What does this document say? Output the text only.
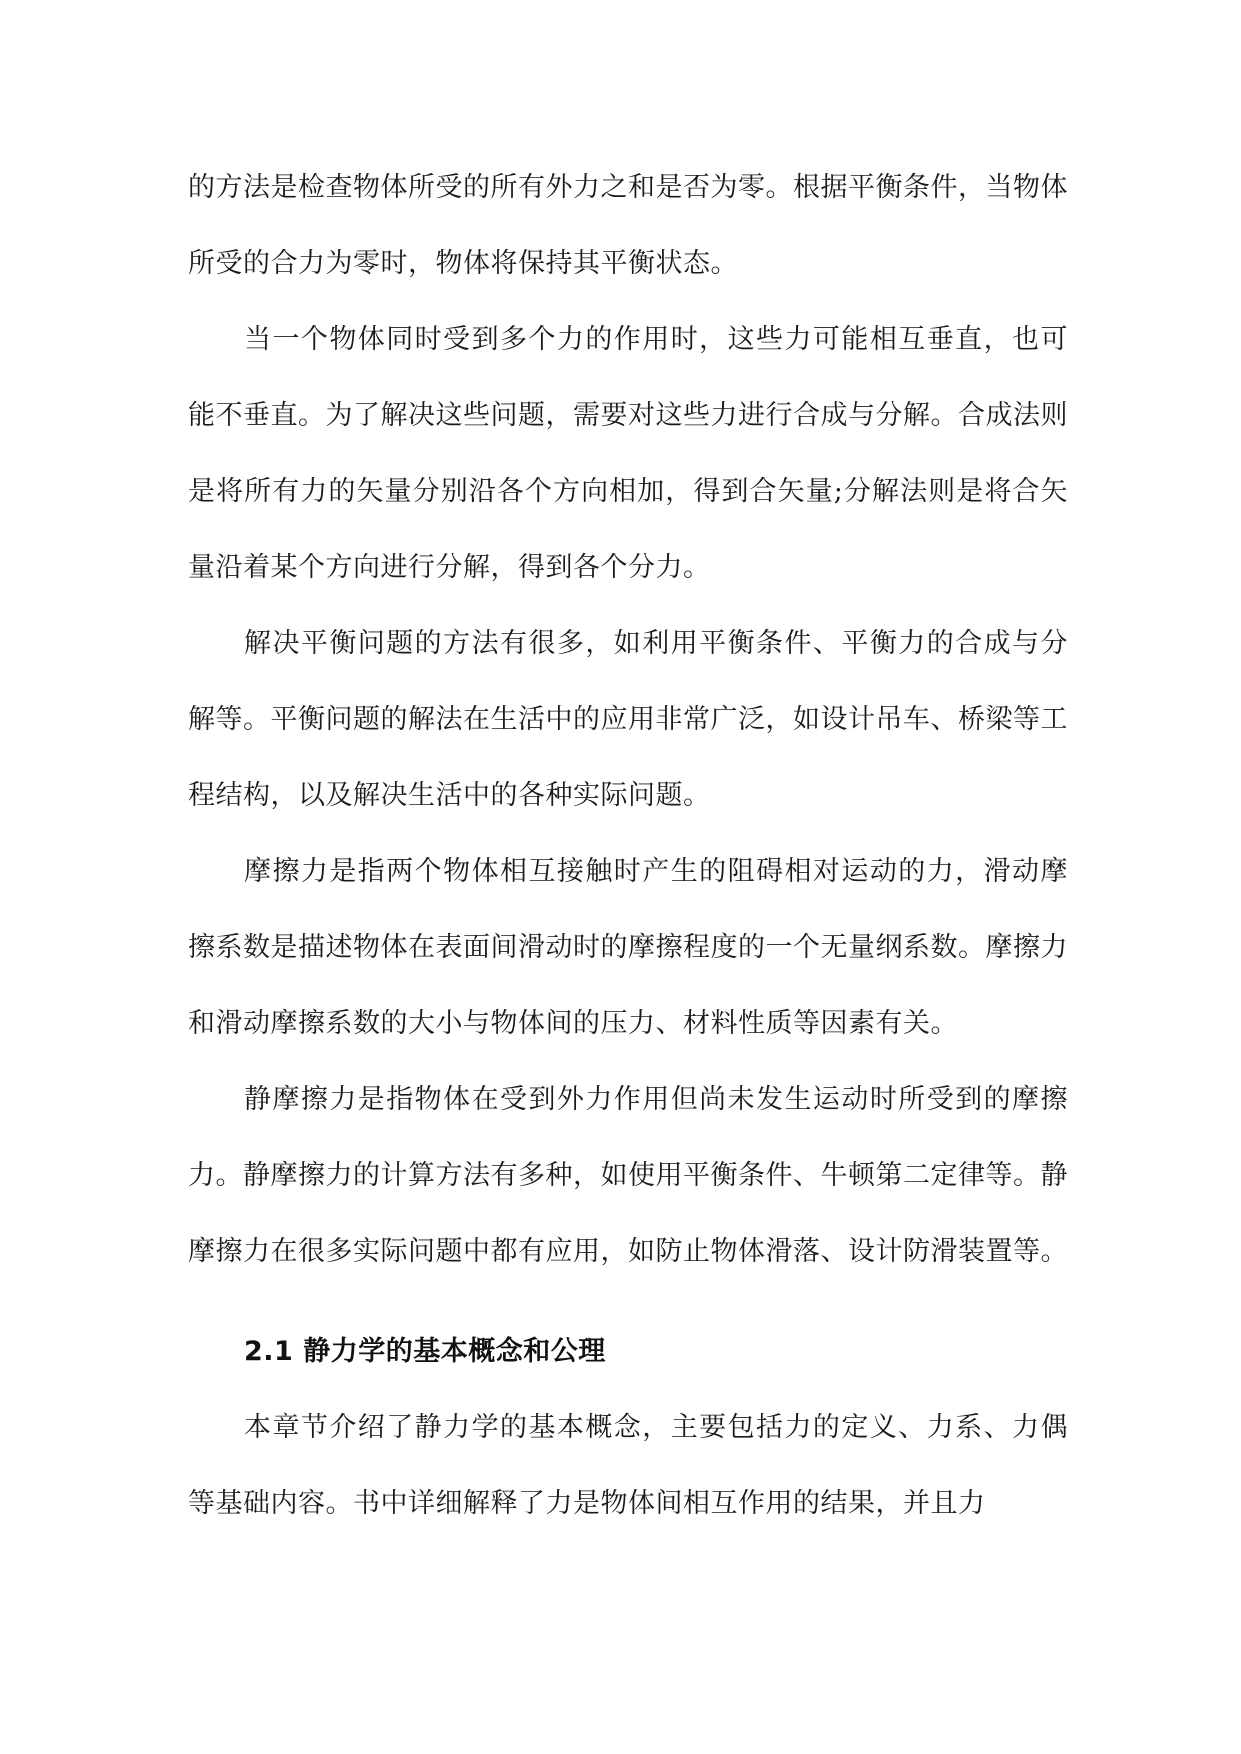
的方法是检查物体所受的所有外力之和是否为零。根据平衡条件，当物体所受的合力为零时，物体将保持其平衡状态。

当一个物体同时受到多个力的作用时，这些力可能相互垂直，也可能不垂直。为了解决这些问题，需要对这些力进行合成与分解。合成法则是将所有力的矢量分别沿各个方向相加，得到合矢量;分解法则是将合矢量沿着某个方向进行分解，得到各个分力。

解决平衡问题的方法有很多，如利用平衡条件、平衡力的合成与分解等。平衡问题的解法在生活中的应用非常广泛，如设计吊车、桥梁等工程结构，以及解决生活中的各种实际问题。

摩擦力是指两个物体相互接触时产生的阻碍相对运动的力，滑动摩擦系数是描述物体在表面间滑动时的摩擦程度的一个无量纲系数。摩擦力和滑动摩擦系数的大小与物体间的压力、材料性质等因素有关。

静摩擦力是指物体在受到外力作用但尚未发生运动时所受到的摩擦力。静摩擦力的计算方法有多种，如使用平衡条件、牛顿第二定律等。静摩擦力在很多实际问题中都有应用，如防止物体滑落、设计防滑装置等。

2.1 静力学的基本概念和公理

本章节介绍了静力学的基本概念，主要包括力的定义、力系、力偶等基础内容。书中详细解释了力是物体间相互作用的结果，并且力
